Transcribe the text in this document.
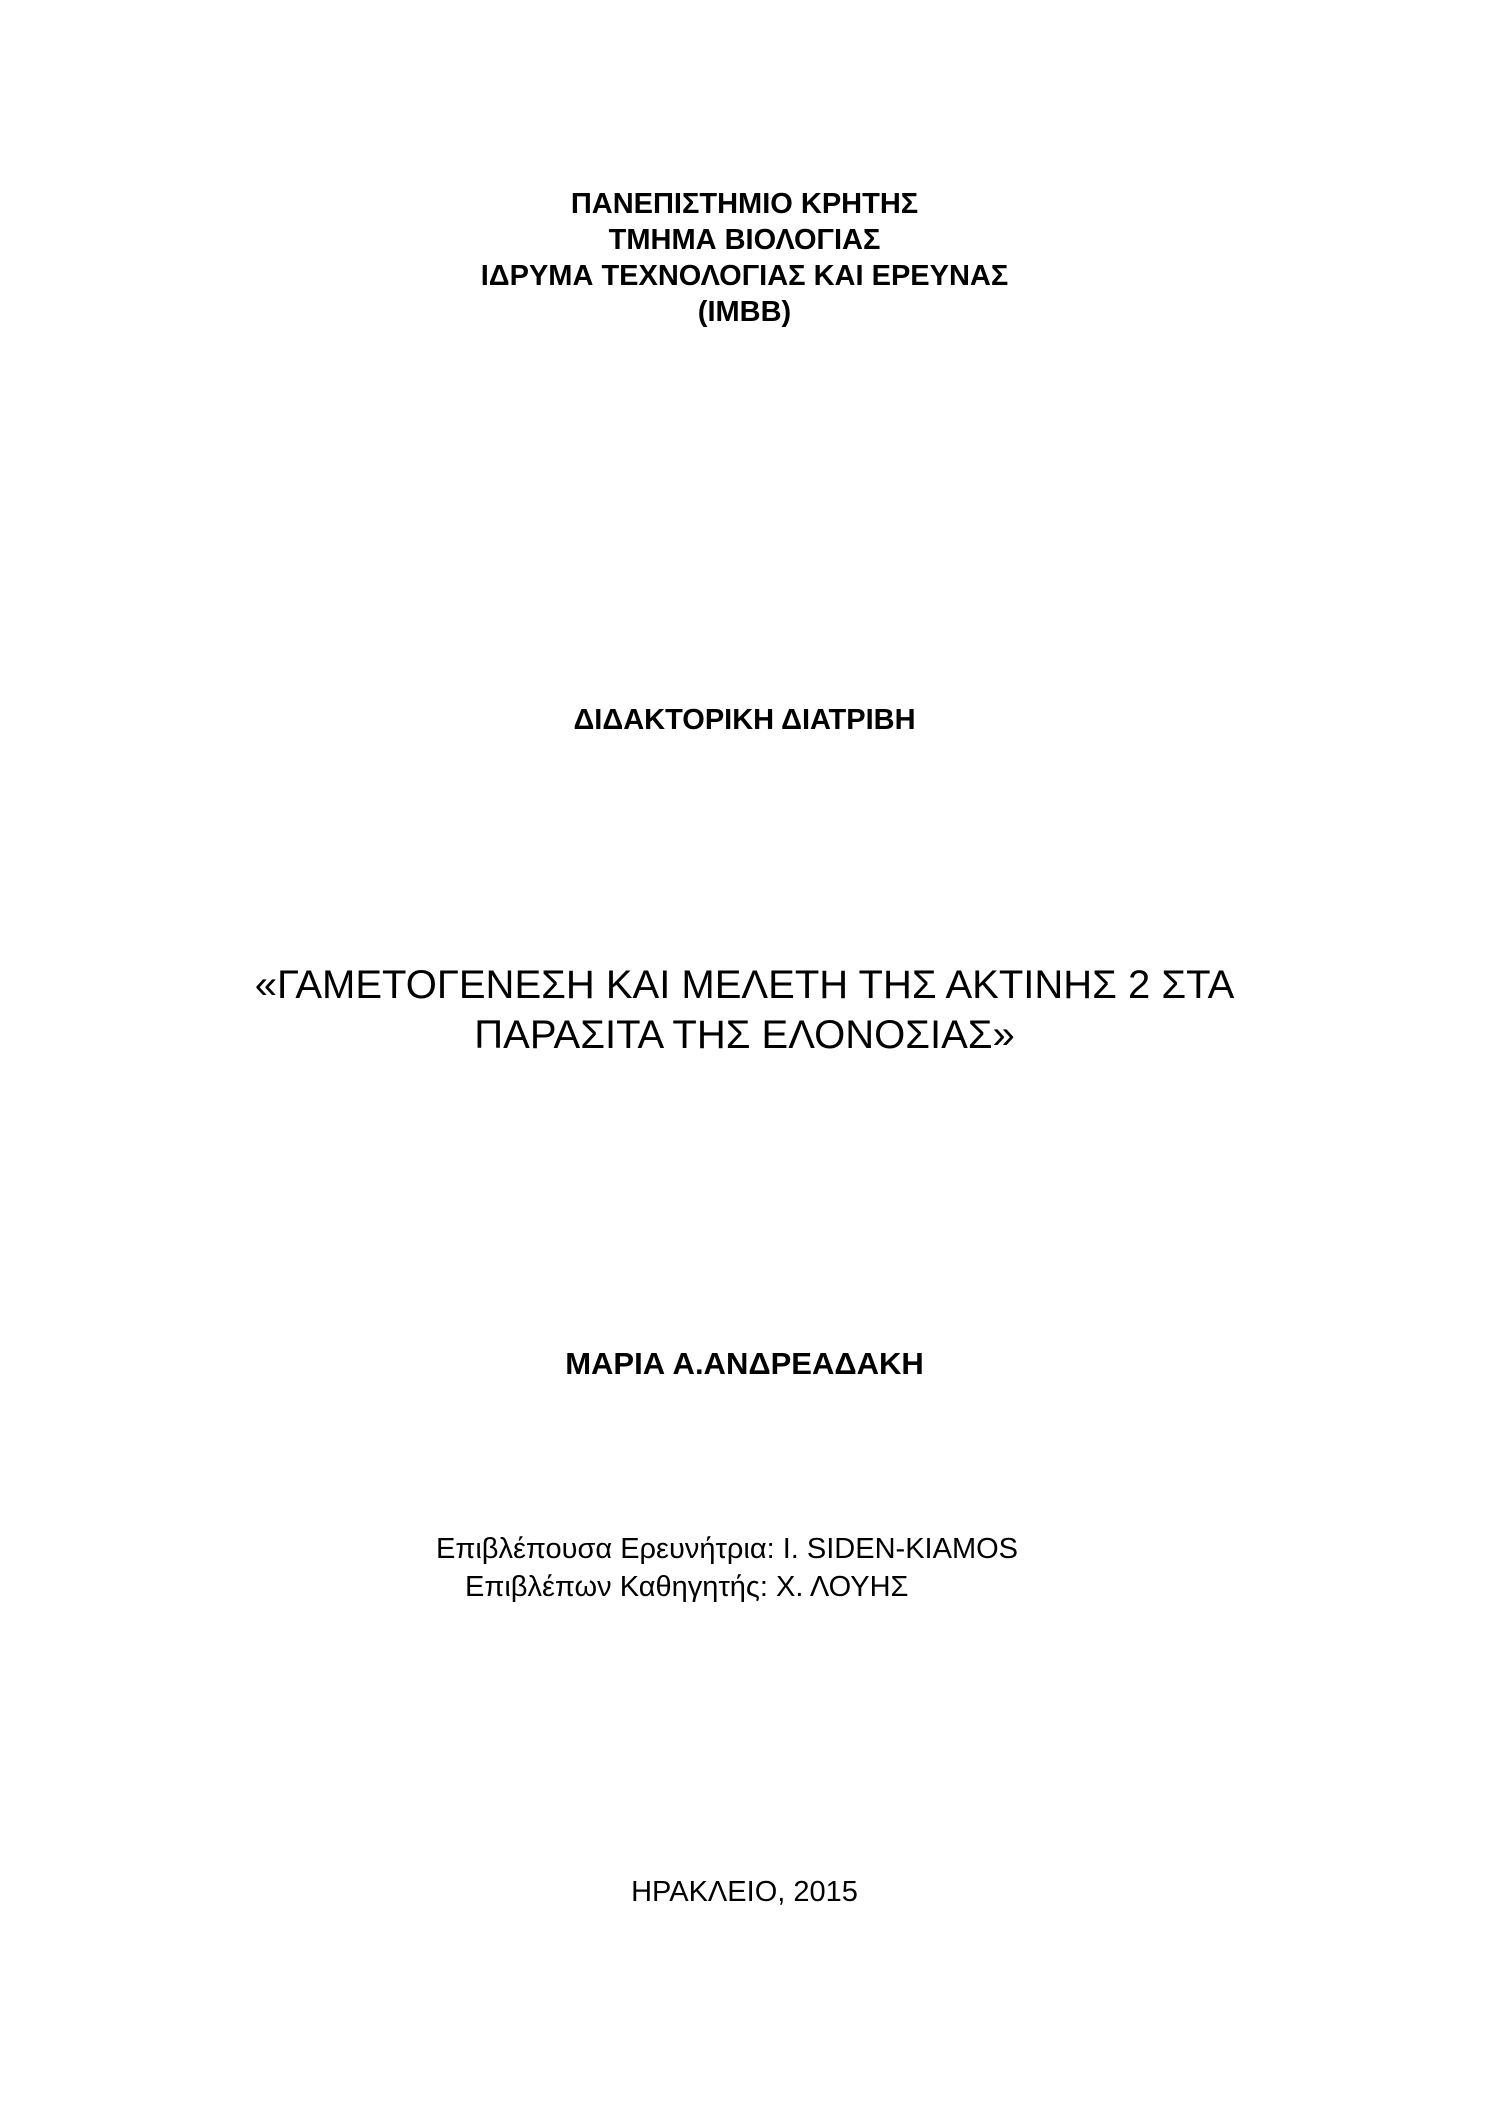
ΠΑΝΕΠΙΣΤΗΜΙΟ ΚΡΗΤΗΣ
ΤΜΗΜΑ ΒΙΟΛΟΓΙΑΣ
ΙΔΡΥΜΑ ΤΕΧΝΟΛΟΓΙΑΣ ΚΑΙ ΕΡΕΥΝΑΣ
(IMBB)
ΔΙΔΑΚΤΟΡΙΚΗ ΔΙΑΤΡΙΒΗ
«ΓΑΜΕΤΟΓΕΝΕΣΗ ΚΑΙ ΜΕΛΕΤΗ ΤΗΣ ΑΚΤΙΝΗΣ 2 ΣΤΑ
ΠΑΡΑΣΙΤΑ ΤΗΣ ΕΛΟΝΟΣΙΑΣ»
ΜΑΡΙΑ Α.ΑΝΔΡΕΑΔΑΚΗ
Επιβλέπουσα Ερευνήτρια: I. SIDEN-KIAMOS
Επιβλέπων Καθηγητής: Χ. ΛΟΥΗΣ
ΗΡΑΚΛΕΙΟ, 2015
